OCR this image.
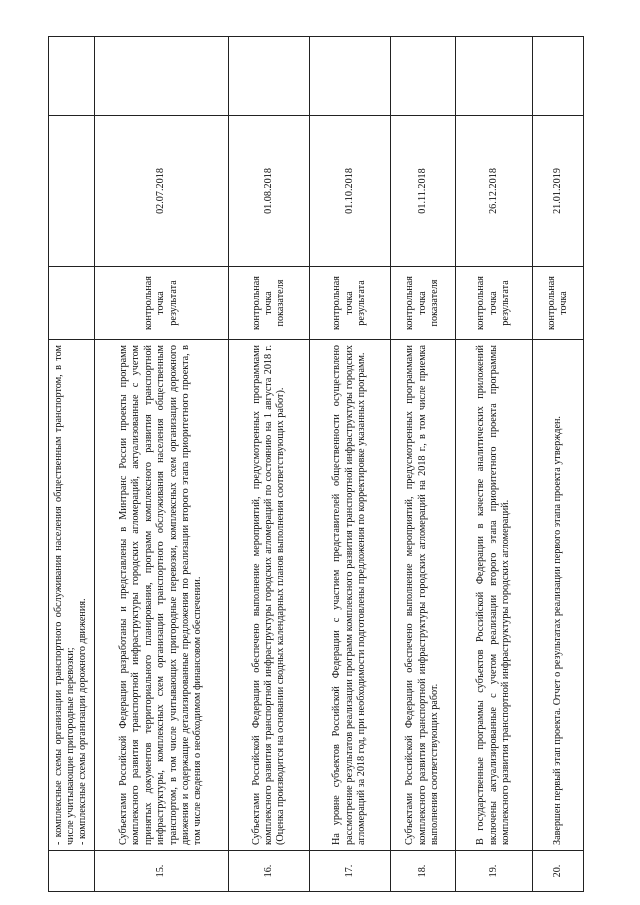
	- комплексные схемы организации транспортного обслуживания населения общественным транспортом, в том числе учитывающие пригородные перевозки;
- комплексные схемы организации дорожного движения.			
15.	Субъектами Российской Федерации разработаны и представлены в Минтранс России проекты программ комплексного развития транспортной инфраструктуры городских агломераций, актуализованные с учетом принятых документов территориального планирования, программ комплексного развития транспортной инфраструктуры, комплексных схем организации транспортного обслуживания населения общественным транспортом, в том числе учитывающих пригородные перевозки, комплексных схем организации дорожного движения и содержащие детализированные предложения по реализации второго этапа приоритетного проекта, в том числе сведения о необходимом финансовом обеспечении.	контрольная точка результата	02.07.2018	
16.	Субъектами Российской Федерации обеспечено выполнение мероприятий, предусмотренных программами комплексного развития транспортной инфраструктуры городских агломераций по состоянию на 1 августа 2018 г. (Оценка производится на основании сводных календарных планов выполнения соответствующих работ).	контрольная точка показателя	01.08.2018	
17.	На уровне субъектов Российской Федерации с участием представителей общественности осуществлено рассмотрение результатов реализации программ комплексного развития транспортной инфраструктуры городских агломераций за 2018 год, при необходимости подготовлены предложения по корректировке указанных программ.	контрольная точка результата	01.10.2018	
18.	Субъектами Российской Федерации обеспечено выполнение мероприятий, предусмотренных программами комплексного развития транспортной инфраструктуры городских агломераций на 2018 г., в том числе приемка выполнения соответствующих работ.	контрольная точка показателя	01.11.2018	
19.	В государственные программы субъектов Российской Федерации в качестве аналитических приложений включены актуализированные с учетом реализации второго этапа приоритетного проекта программы комплексного развития транспортной инфраструктуры городских агломераций.	контрольная точка результата	26.12.2018	
20.	Завершен первый этап проекта. Отчет о результатах реализации первого этапа проекта утвержден.	контрольная точка	21.01.2019	
